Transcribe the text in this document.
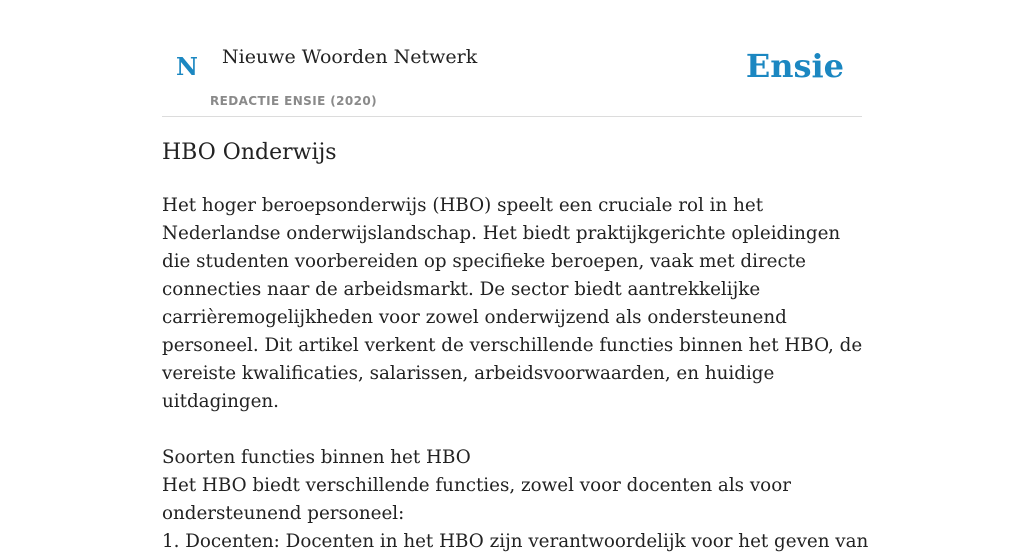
N Nieuwe Woorden Netwerk
REDACTIE ENSIE (2020)
Ensie
HBO Onderwijs

Het hoger beroepsonderwijs (HBO) speelt een cruciale rol in het Nederlandse onderwijslandschap. Het biedt praktijkgerichte opleidingen die studenten voorbereiden op specifieke beroepen, vaak met directe connecties naar de arbeidsmarkt. De sector biedt aantrekkelijke carrièremogelijkheden voor zowel onderwijzend als ondersteunend personeel. Dit artikel verkent de verschillende functies binnen het HBO, de vereiste kwalificaties, salarissen, arbeidsvoorwaarden, en huidige uitdagingen.

Soorten functies binnen het HBO

Het HBO biedt verschillende functies, zowel voor docenten als voor ondersteunend personeel:

1. Docenten: Docenten in het HBO zijn verantwoordelijk voor het geven van
